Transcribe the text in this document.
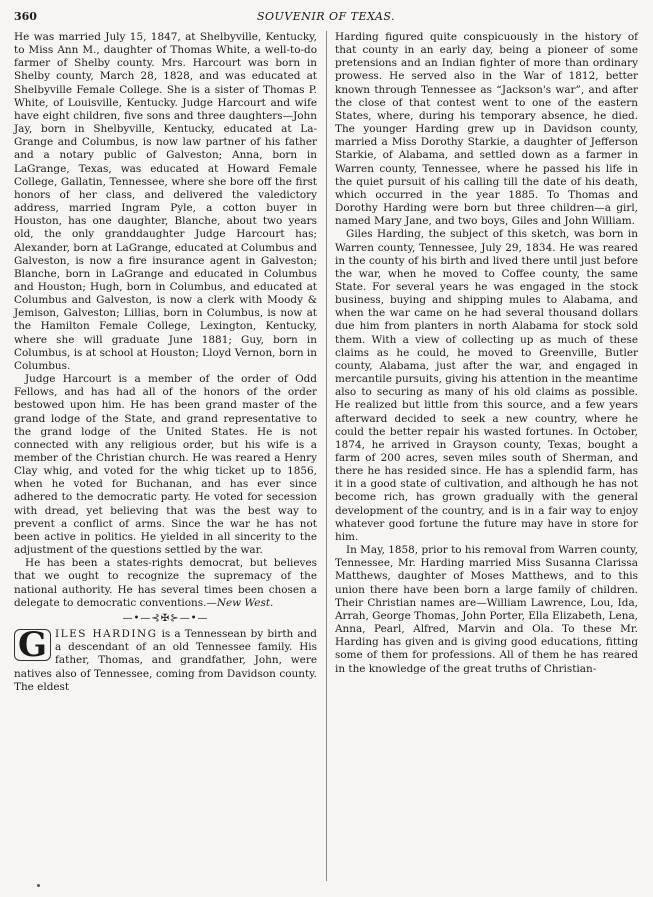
360	SOUVENIR OF TEXAS.

He was married July 15, 1847, at Shelbyville, Kentucky, to Miss Ann M., daughter of Thomas White, a well-to-do farmer of Shelby county. Mrs. Harcourt was born in Shelby county, March 28, 1828, and was educated at Shelbyville Female College. She is a sister of Thomas P. White, of Louisville, Kentucky. Judge Harcourt and wife have eight children, five sons and three daughters—John Jay, born in Shelbyville, Kentucky, educated at La-Grange and Columbus, is now law partner of his father and a notary public of Galveston; Anna, born in LaGrange, Texas, was educated at Howard Female College, Gallatin, Tennessee, where she bore off the first honors of her class, and delivered the valedictory address, married Ingram Pyle, a cotton buyer in Houston, has one daughter, Blanche, about two years old, the only granddaughter Judge Harcourt has; Alexander, born at LaGrange, educated at Columbus and Galveston, is now a fire insurance agent in Galveston; Blanche, born in LaGrange and educated in Columbus and Houston; Hugh, born in Columbus, and educated at Columbus and Galveston, is now a clerk with Moody & Jemison, Galveston; Lillias, born in Columbus, is now at the Hamilton Female College, Lexington, Kentucky, where she will graduate June 1881; Guy, born in Columbus, is at school at Houston; Lloyd Vernon, born in Columbus.

Judge Harcourt is a member of the order of Odd Fellows, and has had all of the honors of the order bestowed upon him. He has been grand master of the grand lodge of the State, and grand representative to the grand lodge of the United States. He is not connected with any religious order, but his wife is a member of the Christian church. He was reared a Henry Clay whig, and voted for the whig ticket up to 1856, when he voted for Buchanan, and has ever since adhered to the democratic party. He voted for secession with dread, yet believing that was the best way to prevent a conflict of arms. Since the war he has not been active in politics. He yielded in all sincerity to the adjustment of the questions settled by the war.

He has been a states-rights democrat, but believes that we ought to recognize the supremacy of the national authority. He has several times been chosen a delegate to democratic conventions.—New West.

—•—⊰✠⊱—•—

G ILES HARDING is a Tennessean by birth and a descendant of an old Tennessee family. His father, Thomas, and grandfather, John, were natives also of Tennessee, coming from Davidson county. The eldest

Harding figured quite conspicuously in the history of that county in an early day, being a pioneer of some pretensions and an Indian fighter of more than ordinary prowess. He served also in the War of 1812, better known through Tennessee as “Jackson's war”, and after the close of that contest went to one of the eastern States, where, during his temporary absence, he died. The younger Harding grew up in Davidson county, married a Miss Dorothy Starkie, a daughter of Jefferson Starkie, of Alabama, and settled down as a farmer in Warren county, Tennessee, where he passed his life in the quiet pursuit of his calling till the date of his death, which occurred in the year 1885. To Thomas and Dorothy Harding were born but three children—a girl, named Mary Jane, and two boys, Giles and John William.

Giles Harding, the subject of this sketch, was born in Warren county, Tennessee, July 29, 1834. He was reared in the county of his birth and lived there until just before the war, when he moved to Coffee county, the same State. For several years he was engaged in the stock business, buying and shipping mules to Alabama, and when the war came on he had several thousand dollars due him from planters in north Alabama for stock sold them. With a view of collecting up as much of these claims as he could, he moved to Greenville, Butler county, Alabama, just after the war, and engaged in mercantile pursuits, giving his attention in the meantime also to securing as many of his old claims as possible. He realized but little from this source, and a few years afterward decided to seek a new country, where he could the better repair his wasted fortunes. In October, 1874, he arrived in Grayson county, Texas, bought a farm of 200 acres, seven miles south of Sherman, and there he has resided since. He has a splendid farm, has it in a good state of cultivation, and although he has not become rich, has grown gradually with the general development of the country, and is in a fair way to enjoy whatever good fortune the future may have in store for him.

In May, 1858, prior to his removal from Warren county, Tennessee, Mr. Harding married Miss Susanna Clarissa Matthews, daughter of Moses Matthews, and to this union there have been born a large family of children. Their Christian names are—William Lawrence, Lou, Ida, Arrah, George Thomas, John Porter, Ella Elizabeth, Lena, Anna, Pearl, Alfred, Marvin and Ola. To these Mr. Harding has given and is giving good educations, fitting some of them for professions. All of them he has reared in the knowledge of the great truths of Christian-
